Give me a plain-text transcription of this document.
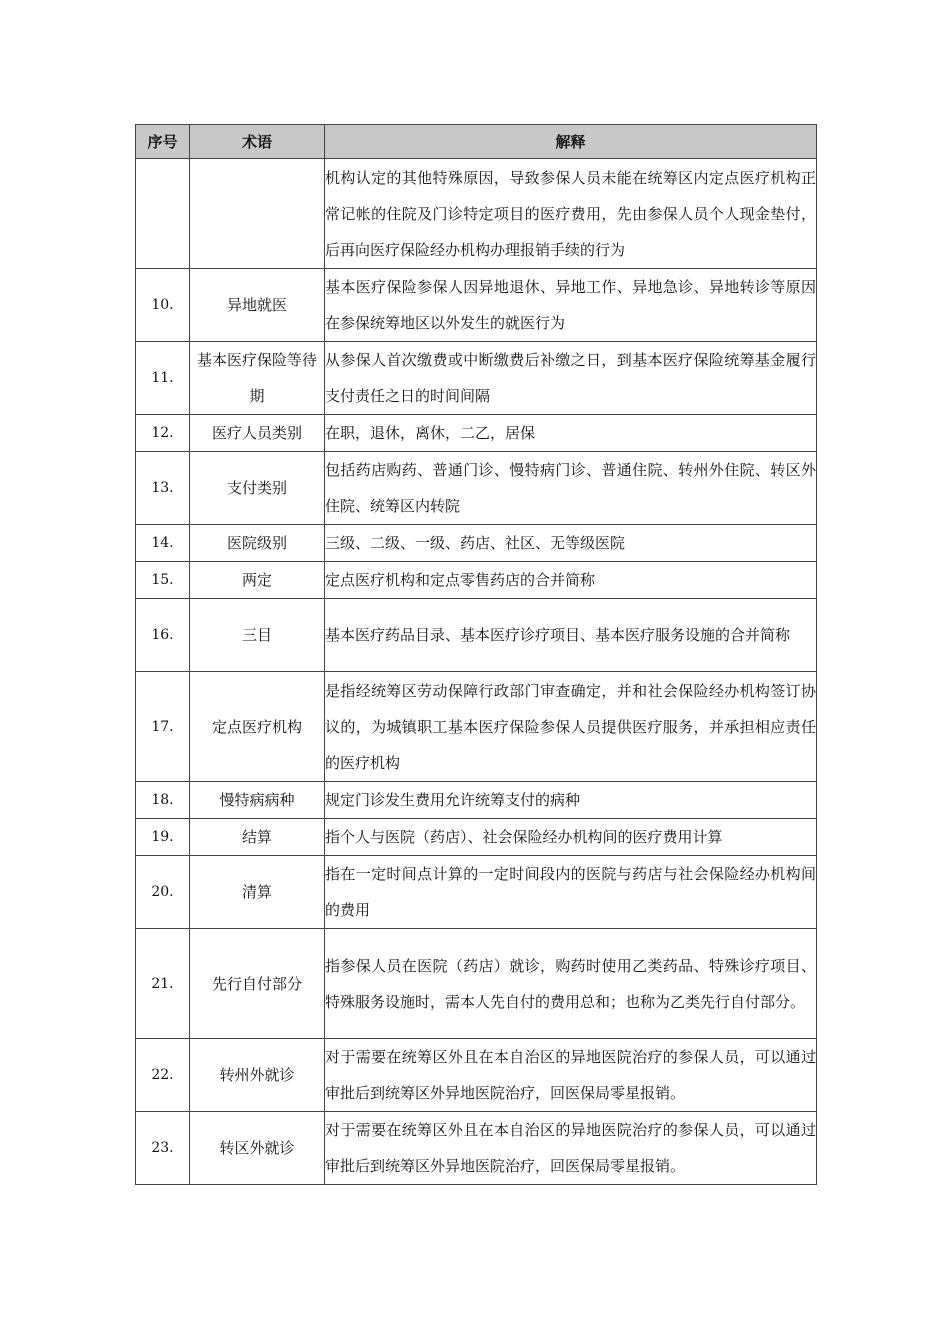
序号	术语	解释
		机构认定的其他特殊原因，导致参保人员未能在统筹区内定点医疗机构正常记帐的住院及门诊特定项目的医疗费用，先由参保人员个人现金垫付，后再向医疗保险经办机构办理报销手续的行为
10.	异地就医	基本医疗保险参保人因异地退休、异地工作、异地急诊、异地转诊等原因在参保统筹地区以外发生的就医行为
11.	基本医疗保险等待期	从参保人首次缴费或中断缴费后补缴之日，到基本医疗保险统筹基金履行支付责任之日的时间间隔
12.	医疗人员类别	在职，退休，离休，二乙，居保
13.	支付类别	包括药店购药、普通门诊、慢特病门诊、普通住院、转州外住院、转区外住院、统筹区内转院
14.	医院级别	三级、二级、一级、药店、社区、无等级医院
15.	两定	定点医疗机构和定点零售药店的合并简称
16.	三目	基本医疗药品目录、基本医疗诊疗项目、基本医疗服务设施的合并简称
17.	定点医疗机构	是指经统筹区劳动保障行政部门审查确定，并和社会保险经办机构签订协议的，为城镇职工基本医疗保险参保人员提供医疗服务，并承担相应责任的医疗机构
18.	慢特病病种	规定门诊发生费用允许统筹支付的病种
19.	结算	指个人与医院（药店）、社会保险经办机构间的医疗费用计算
20.	清算	指在一定时间点计算的一定时间段内的医院与药店与社会保险经办机构间的费用
21.	先行自付部分	指参保人员在医院（药店）就诊，购药时使用乙类药品、特殊诊疗项目、特殊服务设施时，需本人先自付的费用总和；也称为乙类先行自付部分。
22.	转州外就诊	对于需要在统筹区外且在本自治区的异地医院治疗的参保人员，可以通过审批后到统筹区外异地医院治疗，回医保局零星报销。
23.	转区外就诊	对于需要在统筹区外且在本自治区的异地医院治疗的参保人员，可以通过审批后到统筹区外异地医院治疗，回医保局零星报销。
